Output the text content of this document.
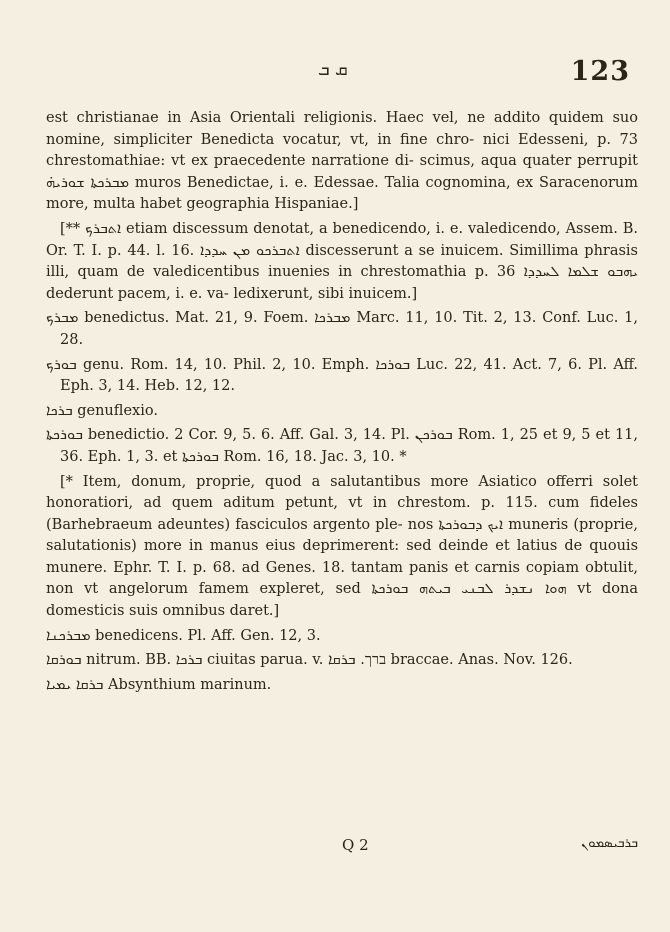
ܩ ܒ	123

est christianae in Asia Orientali religionis. Haec vel, ne addito quidem suo nomine, simpliciter Benedicta vocatur, vt, in fine chro- nici Edesseni, p. 73 chrestomathiae: vt ex praecedente narratione di- scimus, aqua quater perrupit ܡܒܪܟܬܐ ܫܘܪܝܗ̇ muros Benedictae, i. e. Edessae. Talia cognomina, ex Saracenorum more, multa habet geographia Hispaniae.]

[** ܐܬܒܪܟ etiam discessum denotat, a benedicendo, i. e. valedicendo, Assem. B. Or. T. I. p. 44. l. 16. ܐܬܒܪܟܘ ܡܢ ܚܕܕܐ discesserunt a se inuicem. Simillima phrasis illi, quam de valedicentibus inuenies in chrestomathia p. 36 ܝܗܒܘ ܫܠܡܐ ܠܚܕܕܐ dederunt pacem, i. e. va- ledixerunt, sibi inuicem.]

ܡܒܪܟ benedictus. Mat. 21, 9. Foem. ܡܒܪܟܐ Marc. 11, 10. Tit. 2, 13. Conf. Luc. 1, 28.

ܒܘܪܟ genu. Rom. 14, 10. Phil. 2, 10. Emph. ܒܘܪܟܐ Luc. 22, 41. Act. 7, 6. Pl. Aff. Eph. 3, 14. Heb. 12, 12.

ܒܪܟܐ genuflexio.

ܒܘܪܟܬܐ benedictio. 2 Cor. 9, 5. 6. Aff. Gal. 3, 14. Pl. ܒܘܪܟܢ Rom. 1, 25 et 9, 5 et 11, 36. Eph. 1, 3. et ܒܘܪܟܬܐ Rom. 16, 18. Jac. 3, 10. *

[* Item, donum, proprie, quod a salutantibus more Asiatico offerri solet honoratiori, ad quem aditum petunt, vt in chrestom. p. 115. cum fideles (Barhebraeum adeuntes) fasciculos argento ple- nos ܐܝܟ ܕܒܘܪܟܬܐ muneris (proprie, salutationis) more in manus eius deprimerent: sed deinde et latius de quouis munere. Ephr. T. I. p. 68. ad Genes. 18. tantam panis et carnis copiam obtulit, non vt angelorum famem expleret, sed ܗܘܐ ܢܫܕܪ ܠܒܢܝ ܒܝܬܗ ܒܘܪܟܬܐ vt dona domesticis suis omnibus daret.]

ܡܒܪܟܢܐ benedicens. Pl. Aff. Gen. 12, 3.

ܒܘܪܩܐ nitrum. BB. ܒܪܟܐ ciuitas parua. v. ברך. ܒܪܩܐ braccae. Anas. Nov. 126.

ܒܪܩܐ ܝܡܝܐ Absynthium marinum.

Q 2	ܒܪܒܝܣܡܘܢ
